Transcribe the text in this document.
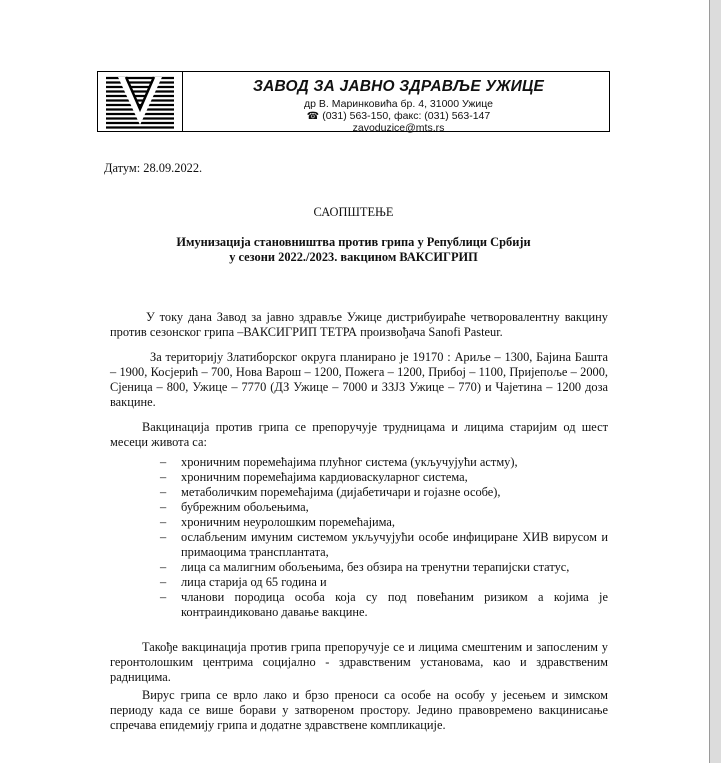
ЗАВОД ЗА ЈАВНО ЗДРАВЉЕ УЖИЦЕ
др В. Маринковића бр. 4, 31000 Ужице
☎ (031) 563-150, факс: (031) 563-147
zavoduzice@mts.rs
Датум: 28.09.2022.
САОПШТЕЊЕ
Имунизација становништва против грипа у Републици Србији
у сезони 2022./2023. вакцином ВАКСИГРИП
У току дана Завод за јавно здравље Ужице дистрибуираће четворовалентну вакцину против сезонског грипа –ВАКСИГРИП ТЕТРА произвођача Sanofi Pasteur.
За територију Златиборског округа планирано је 19170 : Ариље – 1300, Бајина Башта – 1900, Косјерић – 700, Нова Варош – 1200, Пожега – 1200, Прибој – 1100, Пријепоље – 2000, Сјеница – 800, Ужице – 7770 (ДЗ Ужице – 7000 и ЗЗЈЗ Ужице – 770) и Чајетина – 1200 доза вакцине.
Вакцинација против грипа се препоручује трудницама и лицима старијим од шест месеци живота са:
– хроничним поремећајима плућног система (укључујући астму),
– хроничним поремећајима кардиоваскуларног система,
– метаболичким поремећајима (дијабетичари и гојазне особе),
– бубрежним обољењима,
– хроничним неуролошким поремећајима,
– ослабљеним имуним системом укључујући особе инфициране ХИВ вирусом и примаоцима трансплантата,
– лица са малигним обољењима, без обзира на тренутни терапијски статус,
– лица старија од 65 година и
– чланови породица особа која су под повећаним ризиком а којима је контраиндиковано давање вакцине.
Такође вакцинација против грипа препоручује се и лицима смештеним и запосленим у геронтолошким центрима социјално - здравственим установама, као и здравственим радницима.
Вирус грипа се врло лако и брзо преноси са особе на особу у јесењем и зимском периоду када се више борави у затвореном простору. Једино правовремено вакцинисање спречава епидемију грипа и додатне здравствене компликације.
